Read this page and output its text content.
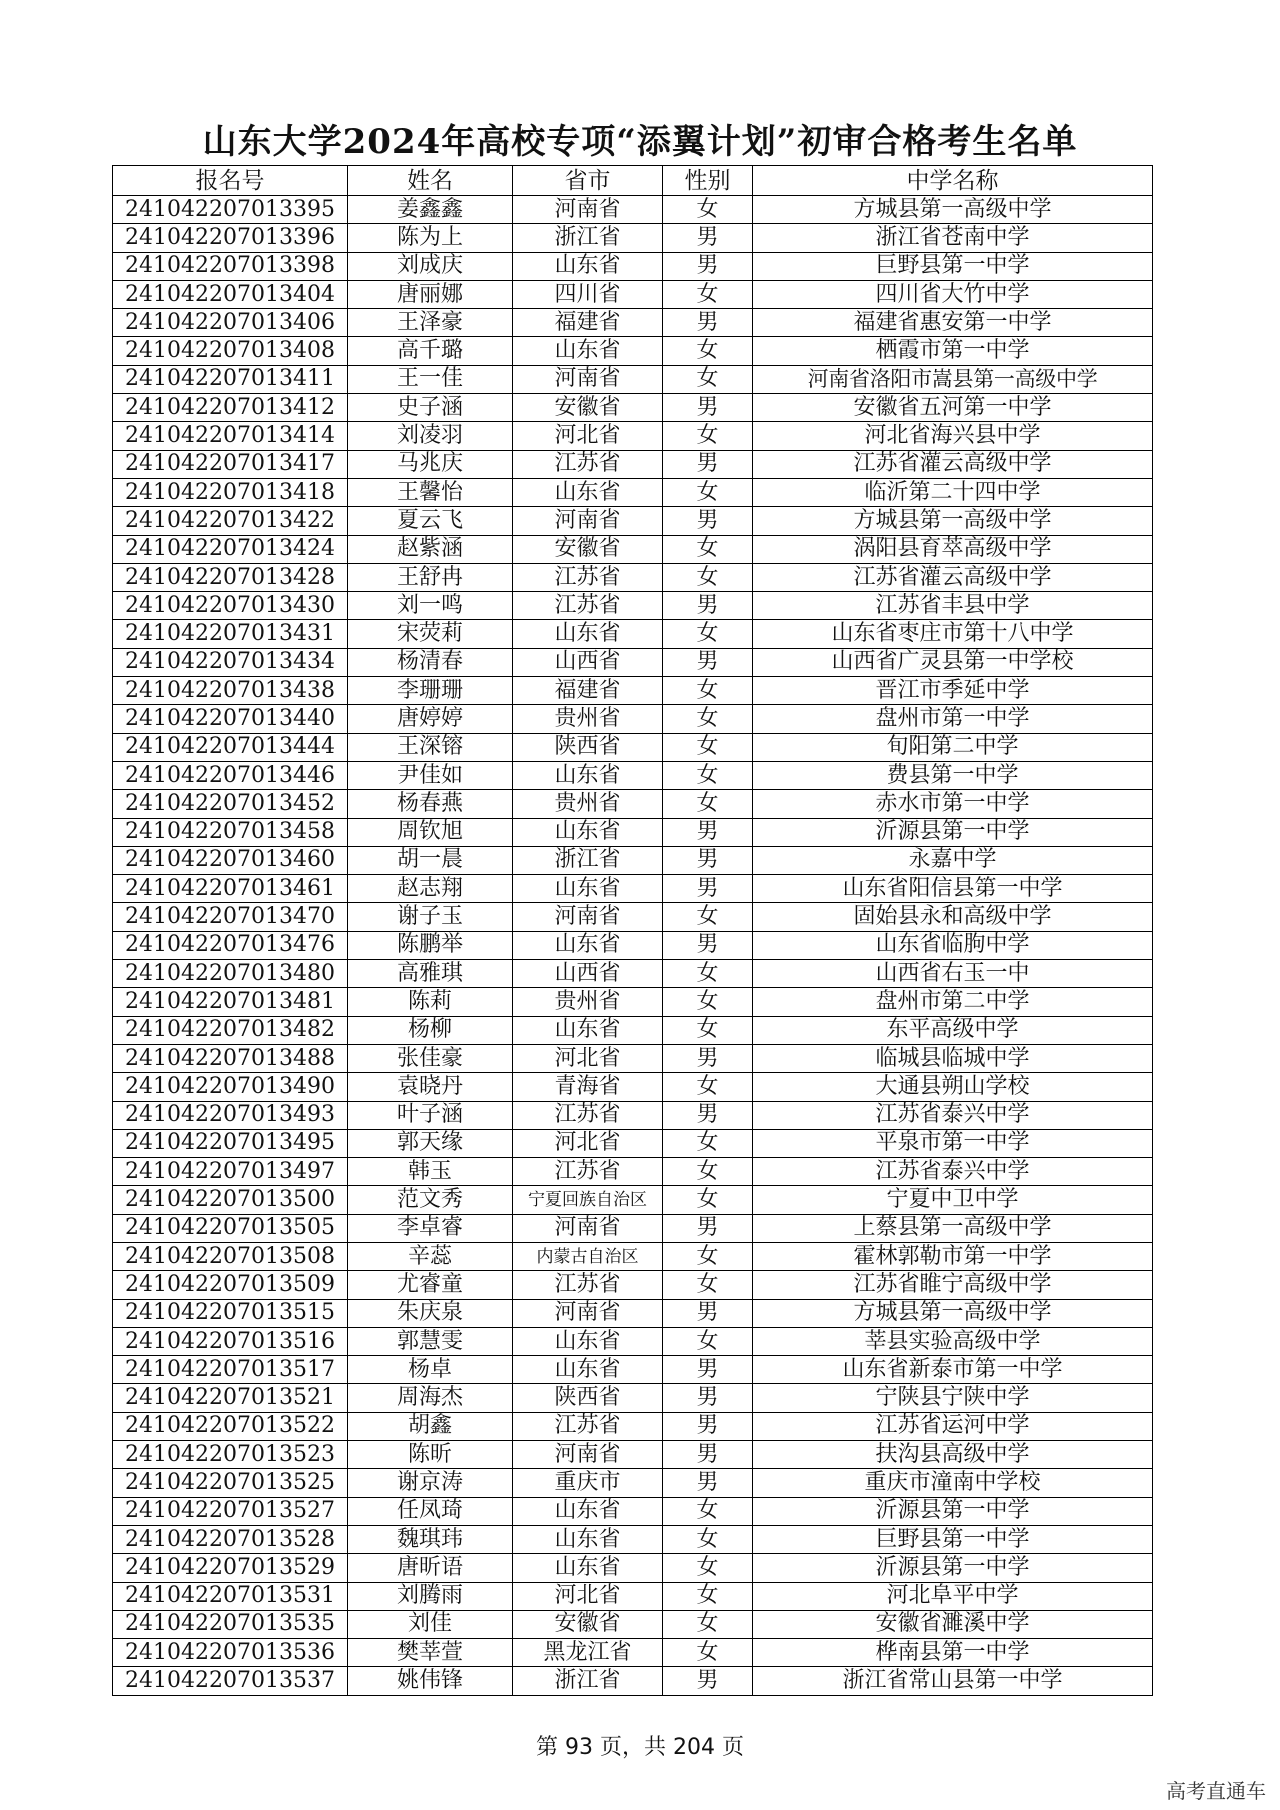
山东大学2024年高校专项“添翼计划”初审合格考生名单
报名号	姓名	省市	性别	中学名称
241042207013395	姜鑫鑫	河南省	女	方城县第一高级中学
241042207013396	陈为上	浙江省	男	浙江省苍南中学
241042207013398	刘成庆	山东省	男	巨野县第一中学
241042207013404	唐丽娜	四川省	女	四川省大竹中学
241042207013406	王泽豪	福建省	男	福建省惠安第一中学
241042207013408	高千璐	山东省	女	栖霞市第一中学
241042207013411	王一佳	河南省	女	河南省洛阳市嵩县第一高级中学
241042207013412	史子涵	安徽省	男	安徽省五河第一中学
241042207013414	刘凌羽	河北省	女	河北省海兴县中学
241042207013417	马兆庆	江苏省	男	江苏省灌云高级中学
241042207013418	王馨怡	山东省	女	临沂第二十四中学
241042207013422	夏云飞	河南省	男	方城县第一高级中学
241042207013424	赵紫涵	安徽省	女	涡阳县育萃高级中学
241042207013428	王舒冉	江苏省	女	江苏省灌云高级中学
241042207013430	刘一鸣	江苏省	男	江苏省丰县中学
241042207013431	宋荧莉	山东省	女	山东省枣庄市第十八中学
241042207013434	杨清春	山西省	男	山西省广灵县第一中学校
241042207013438	李珊珊	福建省	女	晋江市季延中学
241042207013440	唐婷婷	贵州省	女	盘州市第一中学
241042207013444	王深镕	陕西省	女	旬阳第二中学
241042207013446	尹佳如	山东省	女	费县第一中学
241042207013452	杨春燕	贵州省	女	赤水市第一中学
241042207013458	周钦旭	山东省	男	沂源县第一中学
241042207013460	胡一晨	浙江省	男	永嘉中学
241042207013461	赵志翔	山东省	男	山东省阳信县第一中学
241042207013470	谢子玉	河南省	女	固始县永和高级中学
241042207013476	陈鹏举	山东省	男	山东省临朐中学
241042207013480	高雅琪	山西省	女	山西省右玉一中
241042207013481	陈莉	贵州省	女	盘州市第二中学
241042207013482	杨柳	山东省	女	东平高级中学
241042207013488	张佳豪	河北省	男	临城县临城中学
241042207013490	袁晓丹	青海省	女	大通县朔山学校
241042207013493	叶子涵	江苏省	男	江苏省泰兴中学
241042207013495	郭天缘	河北省	女	平泉市第一中学
241042207013497	韩玉	江苏省	女	江苏省泰兴中学
241042207013500	范文秀	宁夏回族自治区	女	宁夏中卫中学
241042207013505	李卓睿	河南省	男	上蔡县第一高级中学
241042207013508	辛蕊	内蒙古自治区	女	霍林郭勒市第一中学
241042207013509	尤睿童	江苏省	女	江苏省睢宁高级中学
241042207013515	朱庆泉	河南省	男	方城县第一高级中学
241042207013516	郭慧雯	山东省	女	莘县实验高级中学
241042207013517	杨卓	山东省	男	山东省新泰市第一中学
241042207013521	周海杰	陕西省	男	宁陕县宁陕中学
241042207013522	胡鑫	江苏省	男	江苏省运河中学
241042207013523	陈昕	河南省	男	扶沟县高级中学
241042207013525	谢京涛	重庆市	男	重庆市潼南中学校
241042207013527	任凤琦	山东省	女	沂源县第一中学
241042207013528	魏琪玮	山东省	女	巨野县第一中学
241042207013529	唐昕语	山东省	女	沂源县第一中学
241042207013531	刘腾雨	河北省	女	河北阜平中学
241042207013535	刘佳	安徽省	女	安徽省濉溪中学
241042207013536	樊莘萱	黑龙江省	女	桦南县第一中学
241042207013537	姚伟锋	浙江省	男	浙江省常山县第一中学
第 93 页，共 204 页
高考直通车
